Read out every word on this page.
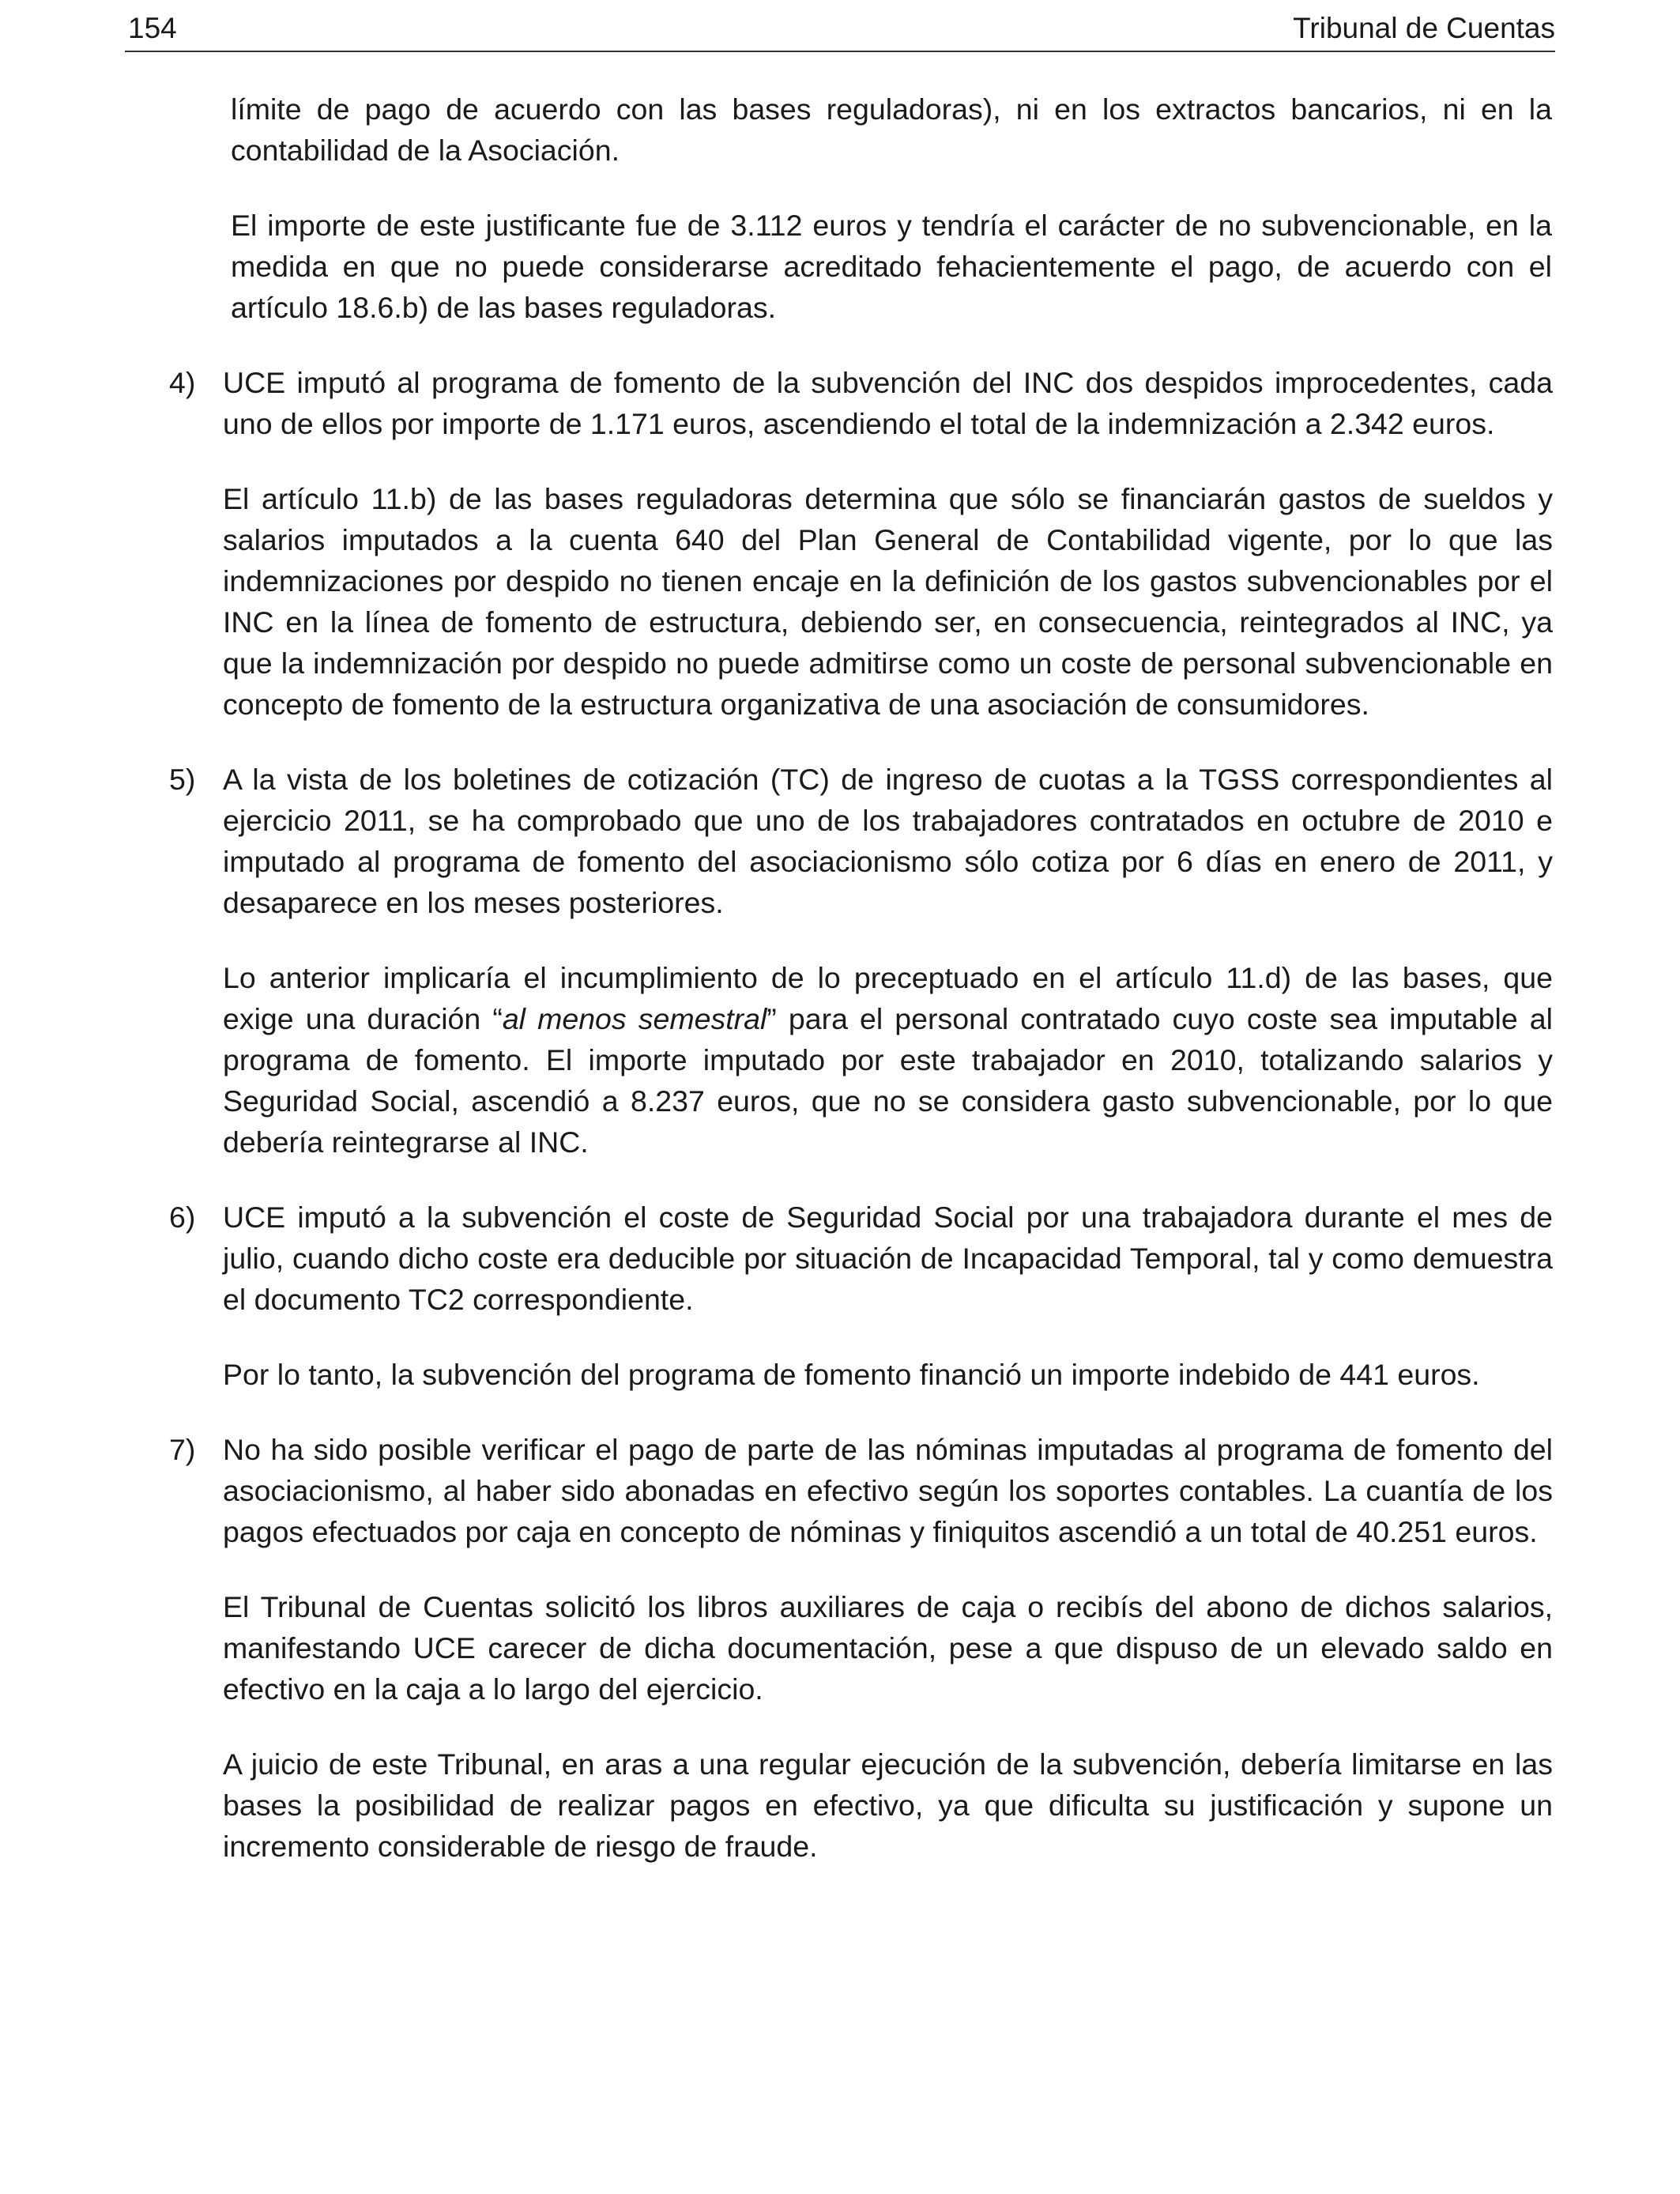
154	Tribunal de Cuentas

límite de pago de acuerdo con las bases reguladoras), ni en los extractos bancarios, ni en la contabilidad de la Asociación.

El importe de este justificante fue de 3.112 euros y tendría el carácter de no subvencionable, en la medida en que no puede considerarse acreditado fehacientemente el pago, de acuerdo con el artículo 18.6.b) de las bases reguladoras.

4) UCE imputó al programa de fomento de la subvención del INC dos despidos improcedentes, cada uno de ellos por importe de 1.171 euros, ascendiendo el total de la indemnización a 2.342 euros.

El artículo 11.b) de las bases reguladoras determina que sólo se financiarán gastos de sueldos y salarios imputados a la cuenta 640 del Plan General de Contabilidad vigente, por lo que las indemnizaciones por despido no tienen encaje en la definición de los gastos subvencionables por el INC en la línea de fomento de estructura, debiendo ser, en consecuencia, reintegrados al INC, ya que la indemnización por despido no puede admitirse como un coste de personal subvencionable en concepto de fomento de la estructura organizativa de una asociación de consumidores.

5) A la vista de los boletines de cotización (TC) de ingreso de cuotas a la TGSS correspondientes al ejercicio 2011, se ha comprobado que uno de los trabajadores contratados en octubre de 2010 e imputado al programa de fomento del asociacionismo sólo cotiza por 6 días en enero de 2011, y desaparece en los meses posteriores.

Lo anterior implicaría el incumplimiento de lo preceptuado en el artículo 11.d) de las bases, que exige una duración “al menos semestral” para el personal contratado cuyo coste sea imputable al programa de fomento. El importe imputado por este trabajador en 2010, totalizando salarios y Seguridad Social, ascendió a 8.237 euros, que no se considera gasto subvencionable, por lo que debería reintegrarse al INC.

6) UCE imputó a la subvención el coste de Seguridad Social por una trabajadora durante el mes de julio, cuando dicho coste era deducible por situación de Incapacidad Temporal, tal y como demuestra el documento TC2 correspondiente.

Por lo tanto, la subvención del programa de fomento financió un importe indebido de 441 euros.

7) No ha sido posible verificar el pago de parte de las nóminas imputadas al programa de fomento del asociacionismo, al haber sido abonadas en efectivo según los soportes contables. La cuantía de los pagos efectuados por caja en concepto de nóminas y finiquitos ascendió a un total de 40.251 euros.

El Tribunal de Cuentas solicitó los libros auxiliares de caja o recibís del abono de dichos salarios, manifestando UCE carecer de dicha documentación, pese a que dispuso de un elevado saldo en efectivo en la caja a lo largo del ejercicio.

A juicio de este Tribunal, en aras a una regular ejecución de la subvención, debería limitarse en las bases la posibilidad de realizar pagos en efectivo, ya que dificulta su justificación y supone un incremento considerable de riesgo de fraude.
